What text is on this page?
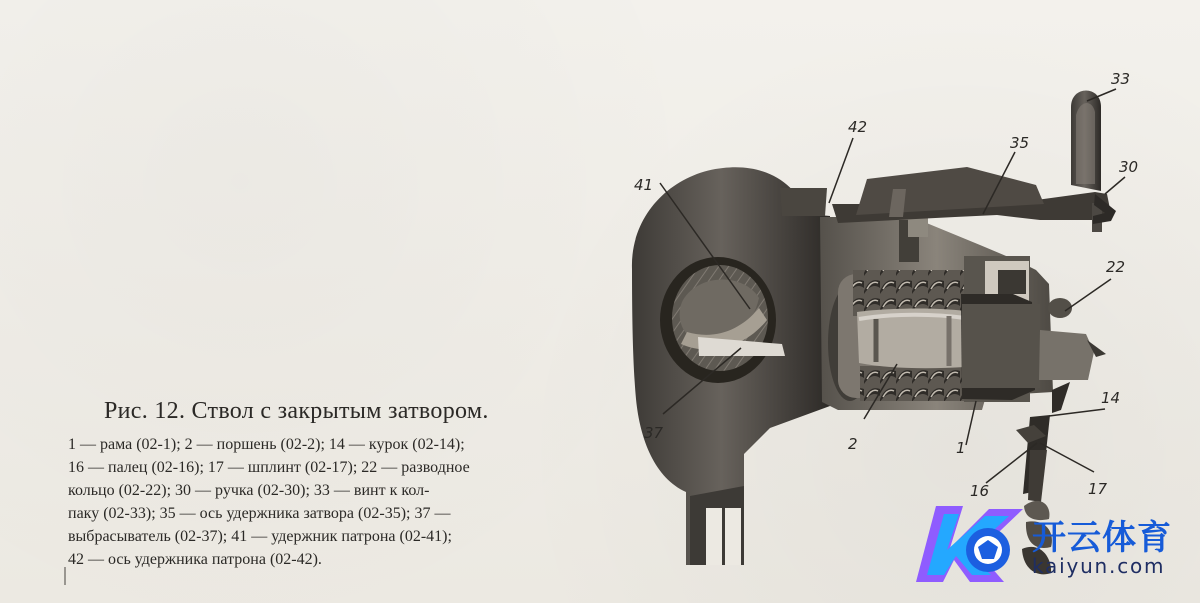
Рис. 12. Ствол с закрытым затвором.
1 — рама (02-1); 2 — поршень (02-2); 14 — курок (02-14);
16 — палец (02-16); 17 — шплинт (02-17); 22 — разводное
кольцо (02-22); 30 — ручка (02-30); 33 — винт к кол-
паку (02-33); 35 — ось удержника затвора (02-35); 37 —
выбрасыватель (02-37); 41 — удержник патрона (02-41);
42 — ось удержника патрона (02-42).
42
35
33
30
41
22
14
37
2	1
16	17
开云体育
kaiyun.com
